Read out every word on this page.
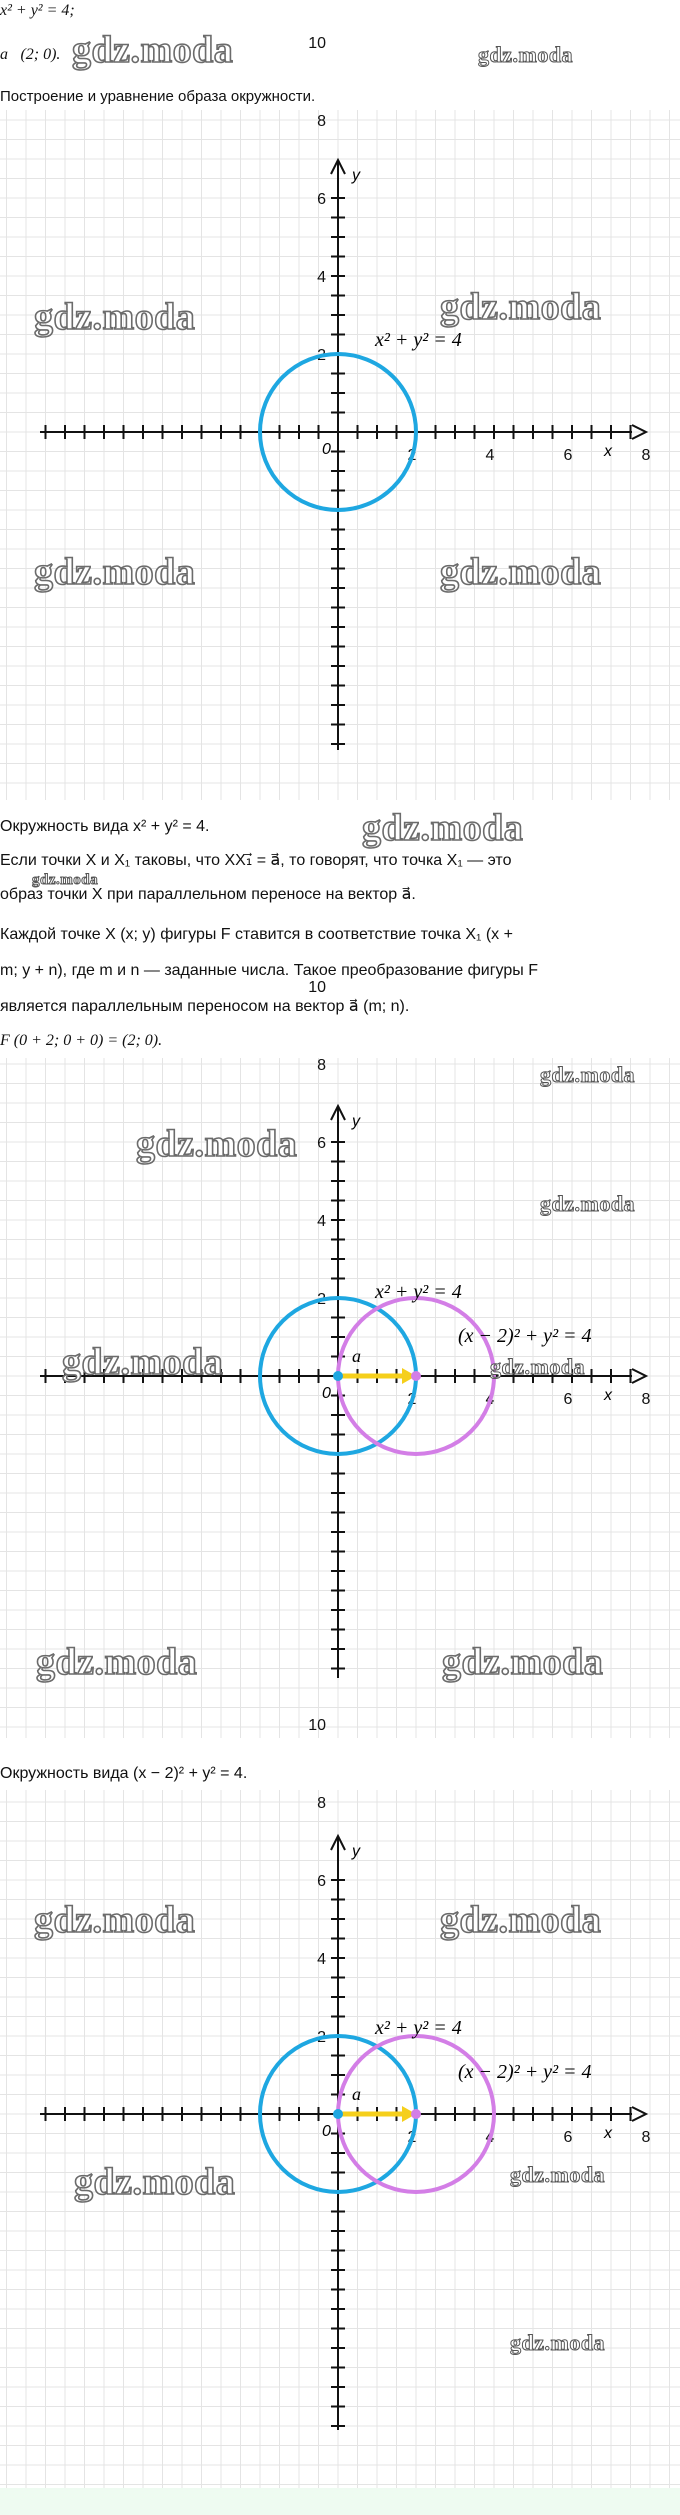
x² + y² = 4;
a⃗(2; 0). gdz.moda	gdz.moda
Построение и уравнение образа окружности.
2
2
4
4
6
6
8
8
10
x
y
0
x² + y² = 4
gdz.moda	gdz.moda
gdz.moda	gdz.moda
Окружность вида x² + y² = 4.	gdz.moda
Если точки X и X₁ таковы, что XX₁⃗ = a⃗, то говорят, что точка X₁ — это
gdz.moda
образ точки X при параллельном переносе на вектор a⃗.
Каждой точке X (x; y) фигуры F ставится в соответствие точка X₁ (x +
m; y + n), где m и n — заданные числа. Такое преобразование фигуры F
является параллельным переносом на вектор a⃗ (m; n).
F (0 + 2; 0 + 0) = (2; 0).
2
2
4
4
6
6
8
8
10
x
y
0
x² + y² = 4
(x − 2)² + y² = 4
a⃗
gdz.moda
gdz.moda
gdz.moda
gdz.moda	gdz.moda
gdz.moda	gdz.moda
Окружность вида (x − 2)² + y² = 4.
2
2
4
4
6
6
8
8
10
x
y
0
x² + y² = 4
(x − 2)² + y² = 4
a⃗
gdz.moda	gdz.moda
gdz.moda	gdz.moda
gdz.moda
